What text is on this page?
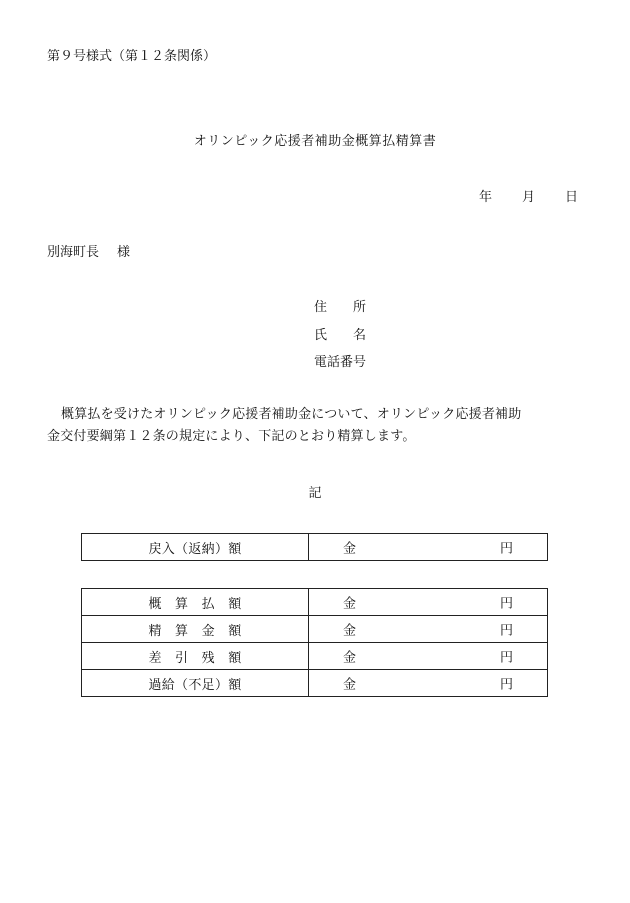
第９号様式（第１２条関係）
オリンピック応援者補助金概算払精算書
年 月 日
別海町長 様
住　　所
氏　　名
電話番号
概算払を受けたオリンピック応援者補助金について、オリンピック応援者補助
金交付要綱第１２条の規定により、下記のとおり精算します。
記
戻入（返納）額	金	円
概　算　払　額	金 円

精　算　金　額	金 円

差　引　残　額	金 円

過給（不足）額	金 円
